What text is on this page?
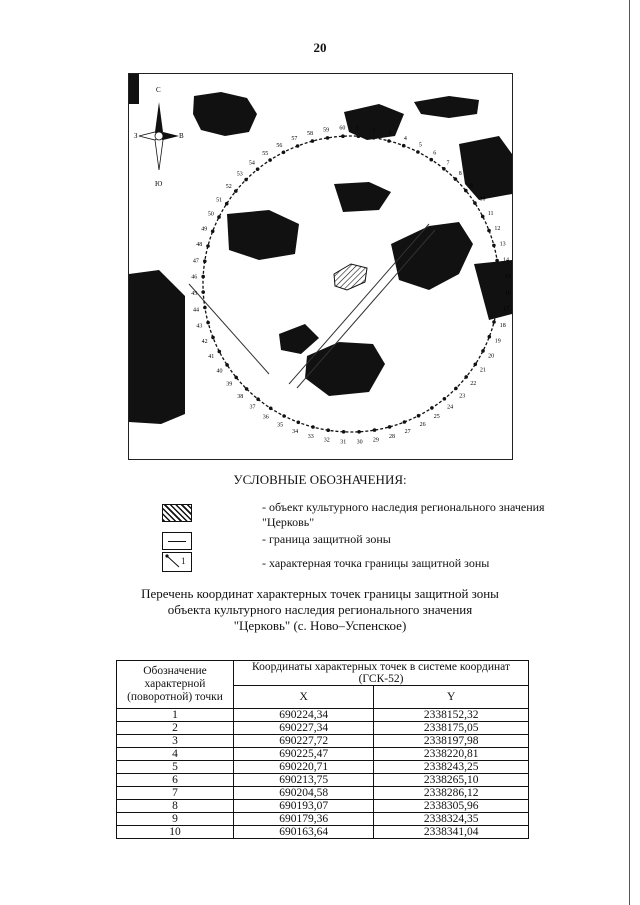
20
С
З	В
Ю
1 2
3
4
5
6
7
8
9
10
11
12
13
14
15
16
17
18
19
20
21
22
23
24
25
26
27
28
29
30
31
32
33
34
35
36
37
38
39
40
41
42
43
44
45
46
47
48
49
50
51
52
53
54
55
56
57
58
59 60
УСЛОВНЫЕ ОБОЗНАЧЕНИЯ:
- объект культурного наследия регионального значения "Церковь"
- граница защитной зоны
1	- характерная точка границы защитной зоны
Перечень координат характерных точек границы защитной зоны
объекта культурного наследия регионального значения
"Церковь" (с. Ново–Успенское)
Обозначение характерной (поворотной) точки	Координаты характерных точек в системе координат (ГСК-52)	
	X	Y
1	690224,34	2338152,32
2	690227,34	2338175,05
3	690227,72	2338197,98
4	690225,47	2338220,81
5	690220,71	2338243,25
6	690213,75	2338265,10
7	690204,58	2338286,12
8	690193,07	2338305,96
9	690179,36	2338324,35
10	690163,64	2338341,04
